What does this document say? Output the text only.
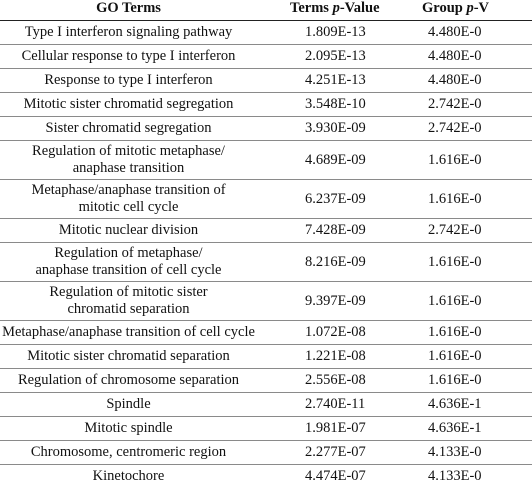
GO Terms	Terms p-Value	Group p-V
Type I interferon signaling pathway	1.809E-13	4.480E-0
Cellular response to type I interferon	2.095E-13	4.480E-0
Response to type I interferon	4.251E-13	4.480E-0
Mitotic sister chromatid segregation	3.548E-10	2.742E-0
Sister chromatid segregation	3.930E-09	2.742E-0
Regulation of mitotic metaphase/
anaphase transition	4.689E-09	1.616E-0
Metaphase/anaphase transition of
mitotic cell cycle	6.237E-09	1.616E-0
Mitotic nuclear division	7.428E-09	2.742E-0
Regulation of metaphase/
anaphase transition of cell cycle	8.216E-09	1.616E-0
Regulation of mitotic sister
chromatid separation	9.397E-09	1.616E-0
Metaphase/anaphase transition of cell cycle	1.072E-08	1.616E-0
Mitotic sister chromatid separation	1.221E-08	1.616E-0
Regulation of chromosome separation	2.556E-08	1.616E-0
Spindle	2.740E-11	4.636E-1
Mitotic spindle	1.981E-07	4.636E-1
Chromosome, centromeric region	2.277E-07	4.133E-0
Kinetochore	4.474E-07	4.133E-0
